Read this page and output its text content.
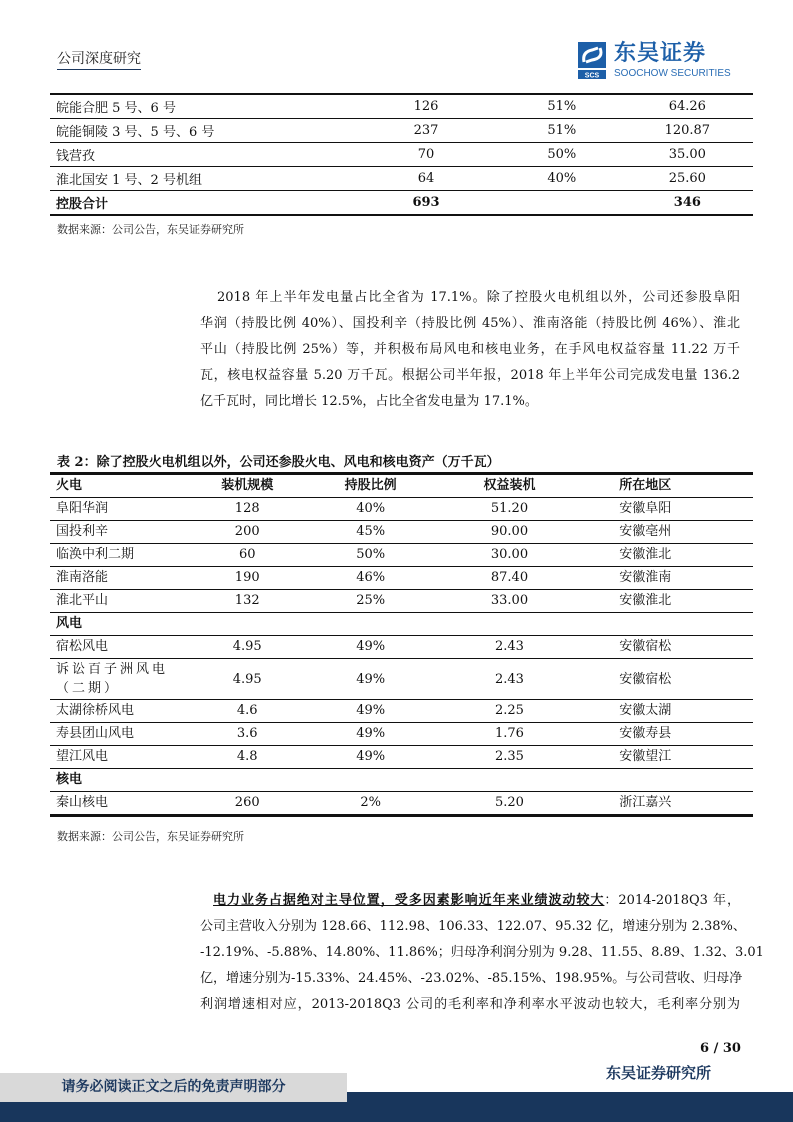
公司深度研究
SCS
东吴证券
SOOCHOW SECURITIES
皖能合肥 5 号、6 号	126	51%	64.26
皖能铜陵 3 号、5 号、6 号	237	51%	120.87
钱营孜	70	50%	35.00
淮北国安 1 号、2 号机组	64	40%	25.60
控股合计	693		346
数据来源：公司公告，东吴证券研究所
2018 年上半年发电量占比全省为 17.1%。除了控股火电机组以外，公司还参股阜阳
华润（持股比例 40%）、国投利辛（持股比例 45%）、淮南洛能（持股比例 46%）、淮北
平山（持股比例 25%）等，并积极布局风电和核电业务，在手风电权益容量 11.22 万千
瓦，核电权益容量 5.20 万千瓦。根据公司半年报，2018 年上半年公司完成发电量 136.2
亿千瓦时，同比增长 12.5%，占比全省发电量为 17.1%。
表 2：除了控股火电机组以外，公司还参股火电、风电和核电资产（万千瓦）
火电	装机规模	持股比例	权益装机	所在地区
阜阳华润	128	40%	51.20	安徽阜阳
国投利辛	200	45%	90.00	安徽亳州
临涣中利二期	60	50%	30.00	安徽淮北
淮南洛能	190	46%	87.40	安徽淮南
淮北平山	132	25%	33.00	安徽淮北
风电				
宿松风电	4.95	49%	2.43	安徽宿松
诉讼百子洲风电（二期）	4.95	49%	2.43	安徽宿松
太湖徐桥风电	4.6	49%	2.25	安徽太湖
寿县团山风电	3.6	49%	1.76	安徽寿县
望江风电	4.8	49%	2.35	安徽望江
核电				
秦山核电	260	2%	5.20	浙江嘉兴
数据来源：公司公告，东吴证券研究所
电力业务占据绝对主导位置，受多因素影响近年来业绩波动较大：2014-2018Q3 年，
公司主营收入分别为 128.66、112.98、106.33、122.07、95.32 亿，增速分别为 2.38%、
-12.19%、-5.88%、14.80%、11.86%；归母净利润分别为 9.28、11.55、8.89、1.32、3.01
亿，增速分别为-15.33%、24.45%、-23.02%、-85.15%、198.95%。与公司营收、归母净
利润增速相对应，2013-2018Q3 公司的毛利率和净利率水平波动也较大，毛利率分别为
6 / 30
东吴证券研究所
请务必阅读正文之后的免责声明部分
